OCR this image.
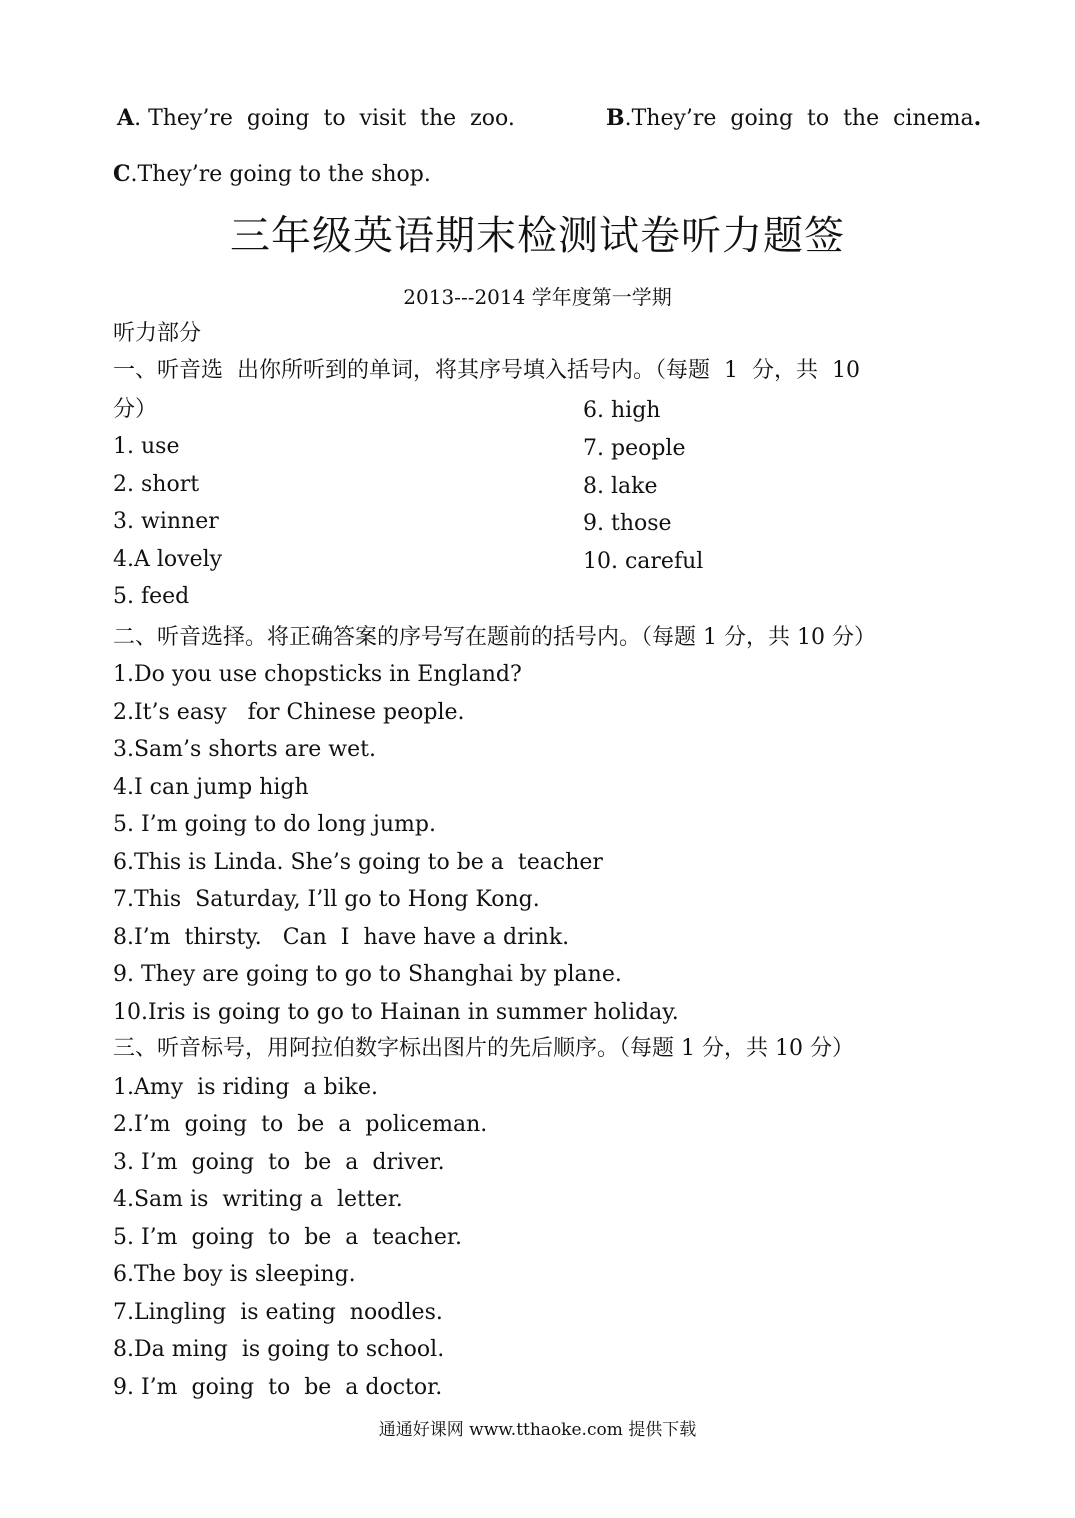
A. They’re  going  to  visit  the  zoo.	B.They’re  going  to  the  cinema.
C.They’re going to the shop.
三年级英语期末检测试卷听力题签
2013---2014 学年度第一学期
听力部分
一、听音选  出你所听到的单词，将其序号填入括号内。（每题  1  分，共  10
分）
1. use
2. short
3. winner
4.A lovely
5. feed
6. high
7. people
8. lake
9. those
10. careful
二、听音选择。将正确答案的序号写在题前的括号内。（每题 1 分，共 10 分）
1.Do you use chopsticks in England?
2.It’s easy   for Chinese people.
3.Sam’s shorts are wet.
4.I can jump high
5. I’m going to do long jump.
6.This is Linda. She’s going to be a  teacher
7.This  Saturday, I’ll go to Hong Kong.
8.I’m  thirsty.   Can  I  have have a drink.
9. They are going to go to Shanghai by plane.
10.Iris is going to go to Hainan in summer holiday.
三、听音标号，用阿拉伯数字标出图片的先后顺序。（每题 1 分，共 10 分）
1.Amy  is riding  a bike.
2.I’m  going  to  be  a  policeman.
3. I’m  going  to  be  a  driver.
4.Sam is  writing a  letter.
5. I’m  going  to  be  a  teacher.
6.The boy is sleeping.
7.Lingling  is eating  noodles.
8.Da ming  is going to school.
9. I’m  going  to  be  a doctor.
通通好课网 www.tthaoke.com 提供下载
